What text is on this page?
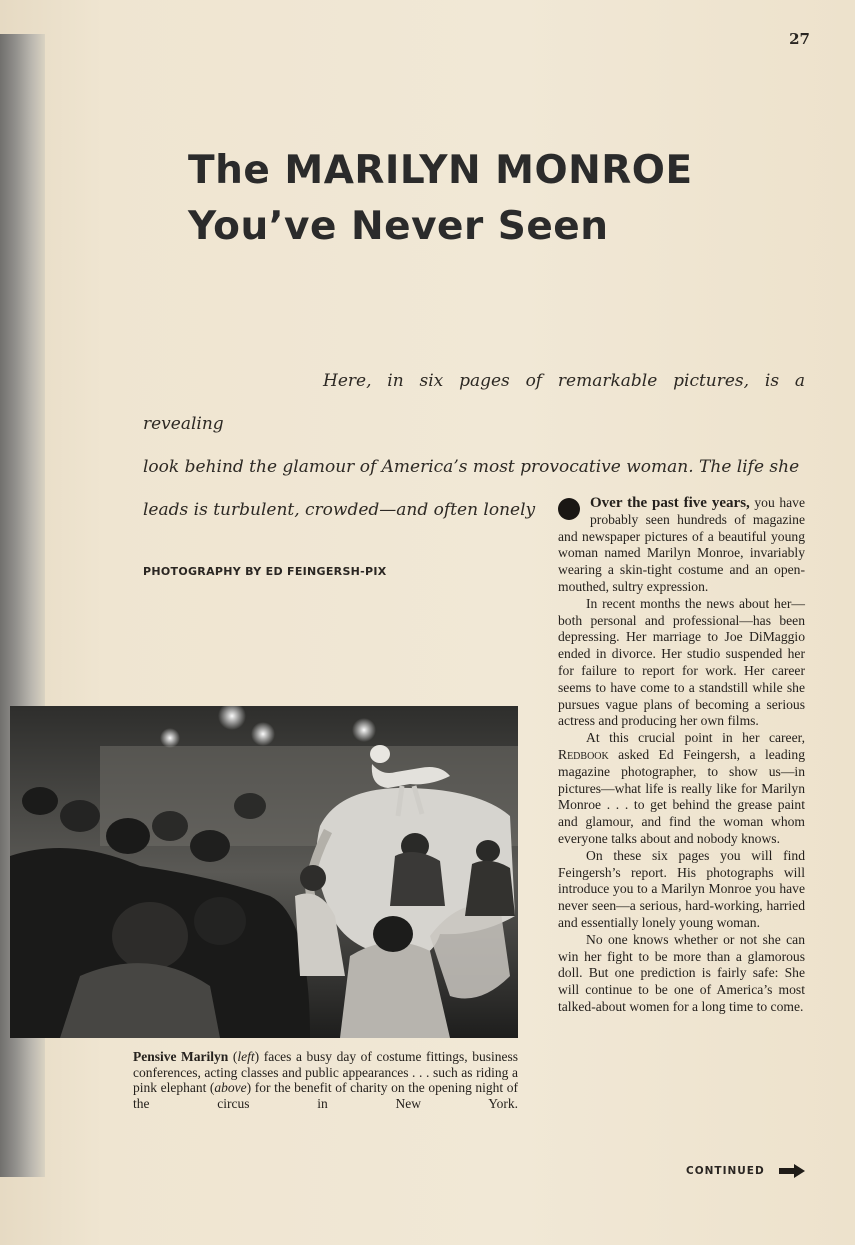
27
The MARILYN MONROE
You’ve Never Seen

Here, in six pages of remarkable pictures, is a revealing
look behind the glamour of America’s most provocative woman. The life she
leads is turbulent, crowded—and often lonely

PHOTOGRAPHY BY ED FEINGERSH-PIX

Pensive Marilyn (left) faces a busy day of costume fittings, business conferences, acting classes and public appearances . . . such as riding a pink elephant (above) for the benefit of charity on the opening night of the circus in New York.

Over the past five years, you have probably seen hundreds of magazine and newspaper pictures of a beautiful young woman named Marilyn Monroe, invariably wearing a skin-tight costume and an open-mouthed, sultry expression.

In recent months the news about her—both personal and professional—has been depressing. Her marriage to Joe DiMaggio ended in divorce. Her studio suspended her for failure to report for work. Her career seems to have come to a standstill while she pursues vague plans of becoming a serious actress and producing her own films.

At this crucial point in her career, Redbook asked Ed Feingersh, a leading magazine photographer, to show us—in pictures—what life is really like for Marilyn Monroe . . . to get behind the grease paint and glamour, and find the woman whom everyone talks about and nobody knows.

On these six pages you will find Feingersh’s report. His photographs will introduce you to a Marilyn Monroe you have never seen—a serious, hard-working, harried and essentially lonely young woman.

No one knows whether or not she can win her fight to be more than a glamorous doll. But one prediction is fairly safe: She will continue to be one of America’s most talked-about women for a long time to come.

CONTINUED
